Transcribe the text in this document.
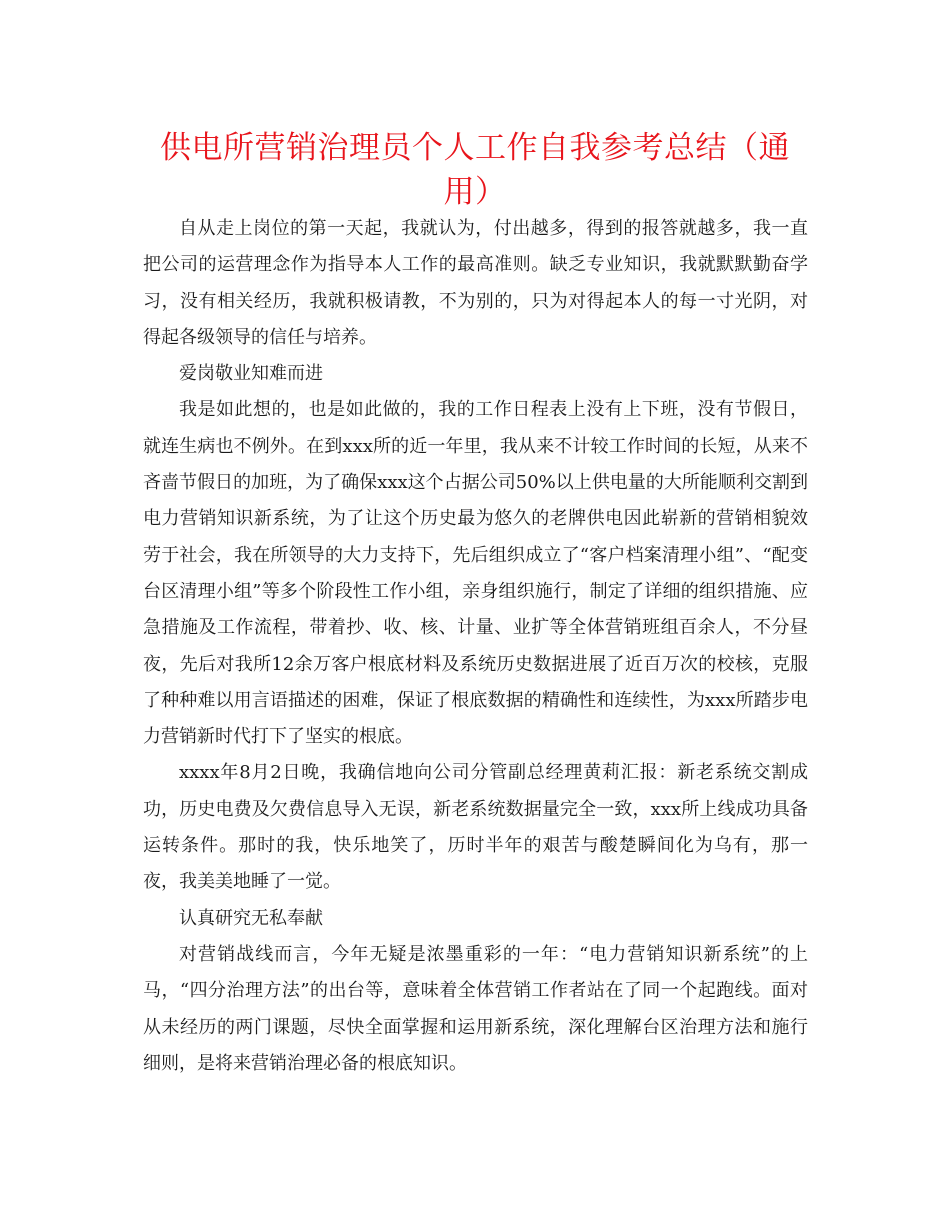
供电所营销治理员个人工作自我参考总结（通用）

自从走上岗位的第一天起，我就认为，付出越多，得到的报答就越多，我一直把公司的运营理念作为指导本人工作的最高准则。缺乏专业知识，我就默默勤奋学习，没有相关经历，我就积极请教，不为别的，只为对得起本人的每一寸光阴，对得起各级领导的信任与培养。

爱岗敬业知难而进

我是如此想的，也是如此做的，我的工作日程表上没有上下班，没有节假日，就连生病也不例外。在到xxx所的近一年里，我从来不计较工作时间的长短，从来不吝啬节假日的加班，为了确保xxx这个占据公司50%以上供电量的大所能顺利交割到电力营销知识新系统，为了让这个历史最为悠久的老牌供电因此崭新的营销相貌效劳于社会，我在所领导的大力支持下，先后组织成立了“客户档案清理小组”、“配变台区清理小组”等多个阶段性工作小组，亲身组织施行，制定了详细的组织措施、应急措施及工作流程，带着抄、收、核、计量、业扩等全体营销班组百余人，不分昼夜，先后对我所12余万客户根底材料及系统历史数据进展了近百万次的校核，克服了种种难以用言语描述的困难，保证了根底数据的精确性和连续性，为xxx所踏步电力营销新时代打下了坚实的根底。

xxxx年8月2日晚，我确信地向公司分管副总经理黄莉汇报：新老系统交割成功，历史电费及欠费信息导入无误，新老系统数据量完全一致，xxx所上线成功具备运转条件。那时的我，快乐地笑了，历时半年的艰苦与酸楚瞬间化为乌有，那一夜，我美美地睡了一觉。

认真研究无私奉献

对营销战线而言，今年无疑是浓墨重彩的一年：“电力营销知识新系统”的上马，“四分治理方法”的出台等，意味着全体营销工作者站在了同一个起跑线。面对从未经历的两门课题，尽快全面掌握和运用新系统，深化理解台区治理方法和施行细则，是将来营销治理必备的根底知识。
